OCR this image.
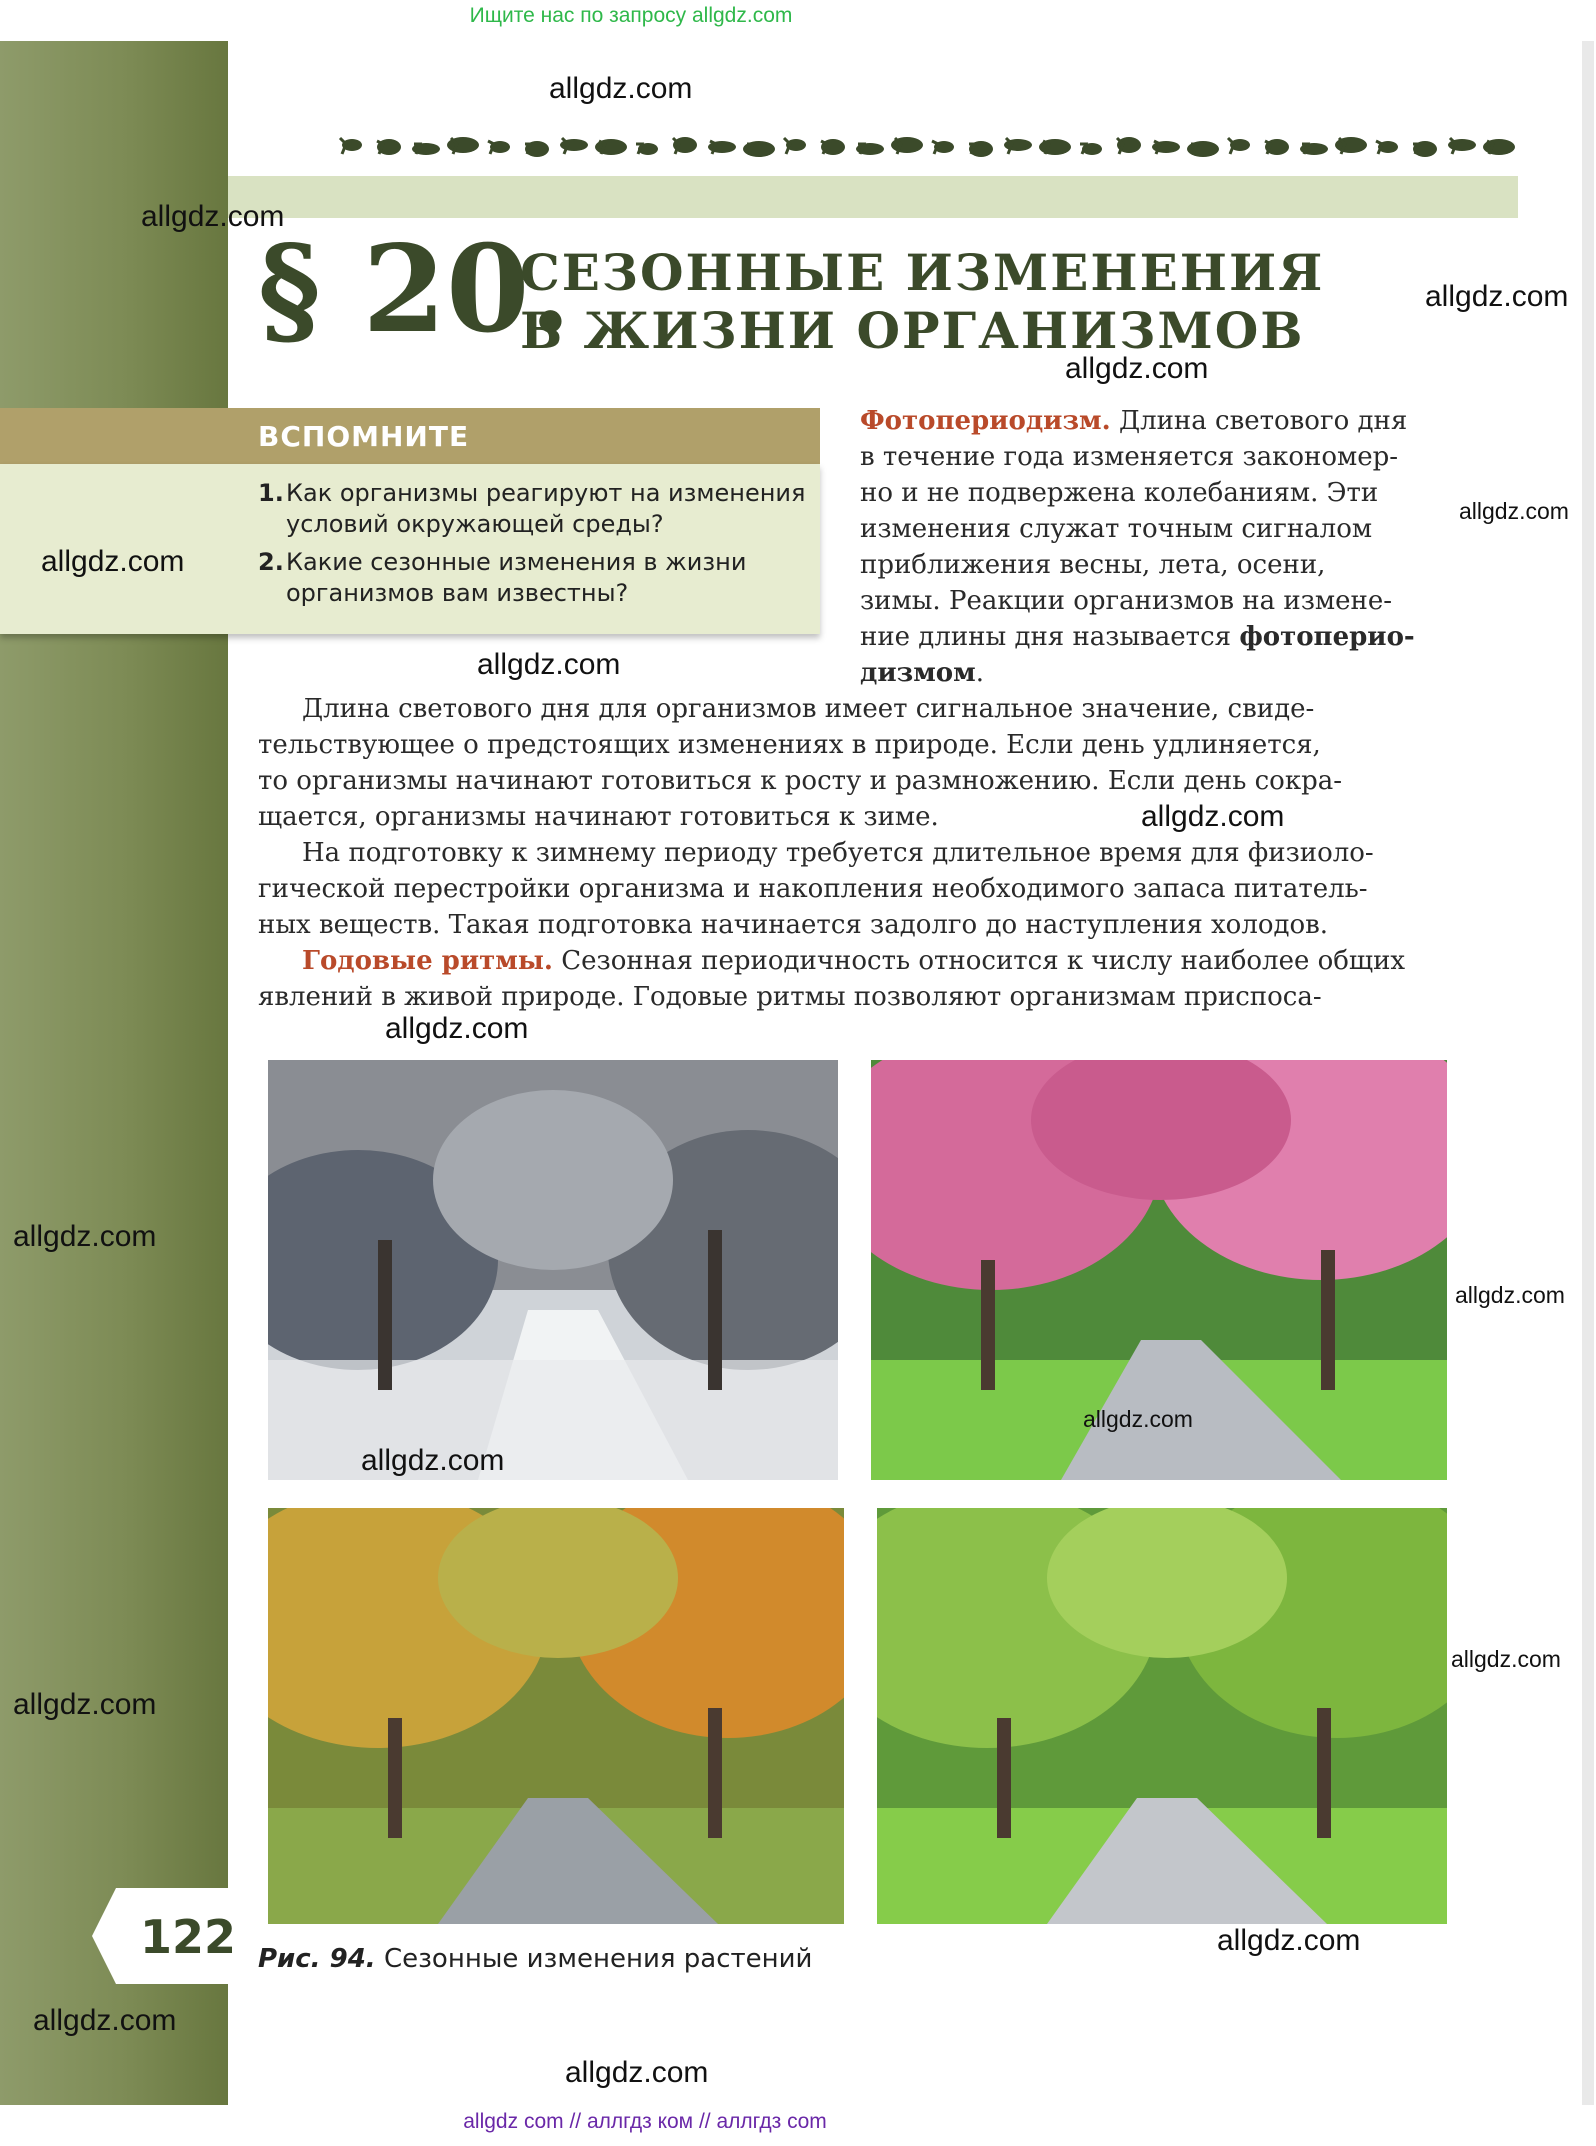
Ищите нас по запросу allgdz.com
§ 20.
СЕЗОННЫЕ ИЗМЕНЕНИЯ
В ЖИЗНИ ОРГАНИЗМОВ
ВСПОМНИТЕ
1.Как организмы реагируют на изменения
условий окружающей среды?
2.Какие сезонные изменения в жизни
организмов вам известны?

Фотопериодизм. Длина светового дня

в течение года изменяется закономер-

но и не подвержена колебаниям. Эти

изменения служат точным сигналом

приближения весны, лета, осени,

зимы. Реакции организмов на измене-

ние длины дня называется фотоперио-

дизмом.

Длина светового дня для организмов имеет сигнальное значение, свиде-

тельствующее о предстоящих изменениях в природе. Если день удлиняется,

то организмы начинают готовиться к росту и размножению. Если день сокра-

щается, организмы начинают готовиться к зиме.

На подготовку к зимнему периоду требуется длительное время для физиоло-

гической перестройки организма и накопления необходимого запаса питатель-

ных веществ. Такая подготовка начинается задолго до наступления холодов.

Годовые ритмы. Сезонная периодичность относится к числу наиболее общих

явлений в живой природе. Годовые ритмы позволяют организмам приспоса-

Рис. 94. Сезонные изменения растений
122
allgdz.com
allgdz.com
allgdz.com
allgdz.com
allgdz.com
allgdz.com
allgdz.com
allgdz.com
allgdz.com
allgdz.com
allgdz.com
allgdz.com
allgdz.com
allgdz.com
allgdz.com
allgdz.com
allgdz.com
allgdz.com
allgdz com // аллгдз ком // аллгдз com
